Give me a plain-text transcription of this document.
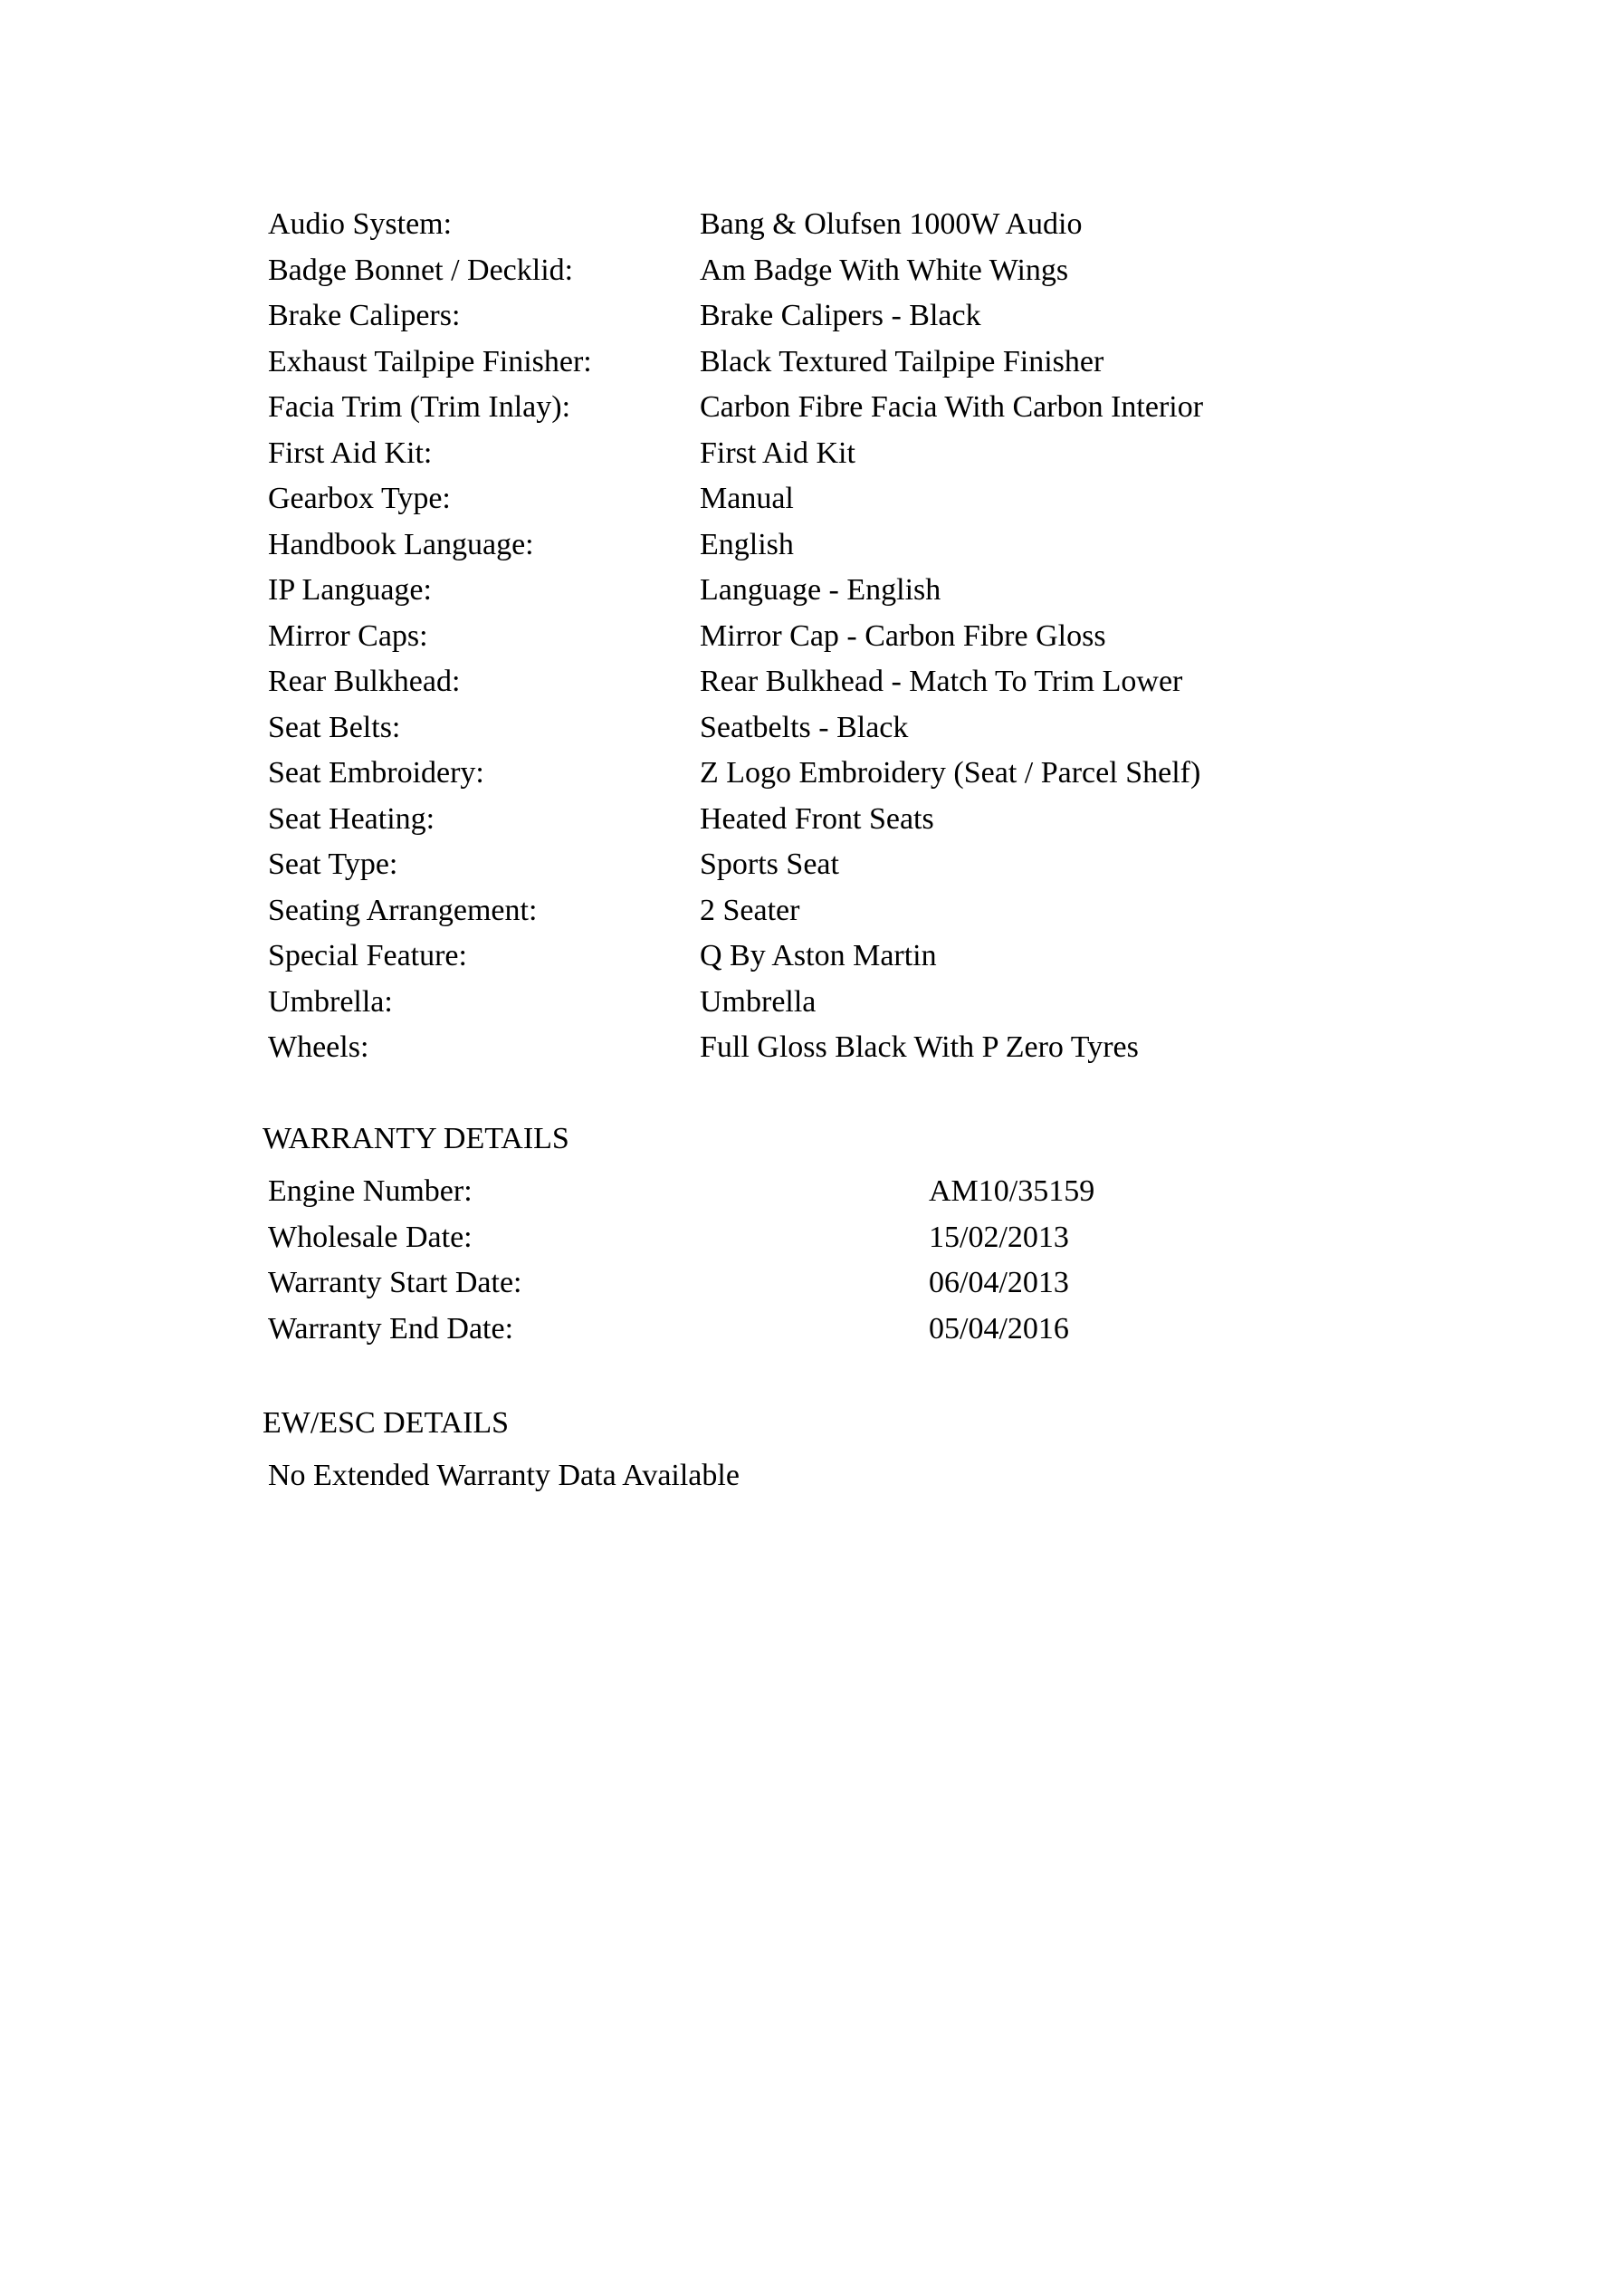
Audio System:	Bang & Olufsen 1000W Audio
Badge Bonnet / Decklid:	Am Badge With White Wings
Brake Calipers:	Brake Calipers - Black
Exhaust Tailpipe Finisher:	Black Textured Tailpipe Finisher
Facia Trim (Trim Inlay):	Carbon Fibre Facia With Carbon Interior
First Aid Kit:	First Aid Kit
Gearbox Type:	Manual
Handbook Language:	English
IP Language:	Language - English
Mirror Caps:	Mirror Cap - Carbon Fibre Gloss
Rear Bulkhead:	Rear Bulkhead - Match To Trim Lower
Seat Belts:	Seatbelts - Black
Seat Embroidery:	Z Logo Embroidery (Seat / Parcel Shelf)
Seat Heating:	Heated Front Seats
Seat Type:	Sports Seat
Seating Arrangement:	2 Seater
Special Feature:	Q By Aston Martin
Umbrella:	Umbrella
Wheels:	Full Gloss Black With P Zero Tyres
WARRANTY DETAILS
Engine Number:	AM10/35159
Wholesale Date:	15/02/2013
Warranty Start Date:	06/04/2013
Warranty End Date:	05/04/2016
EW/ESC DETAILS
No Extended Warranty Data Available
